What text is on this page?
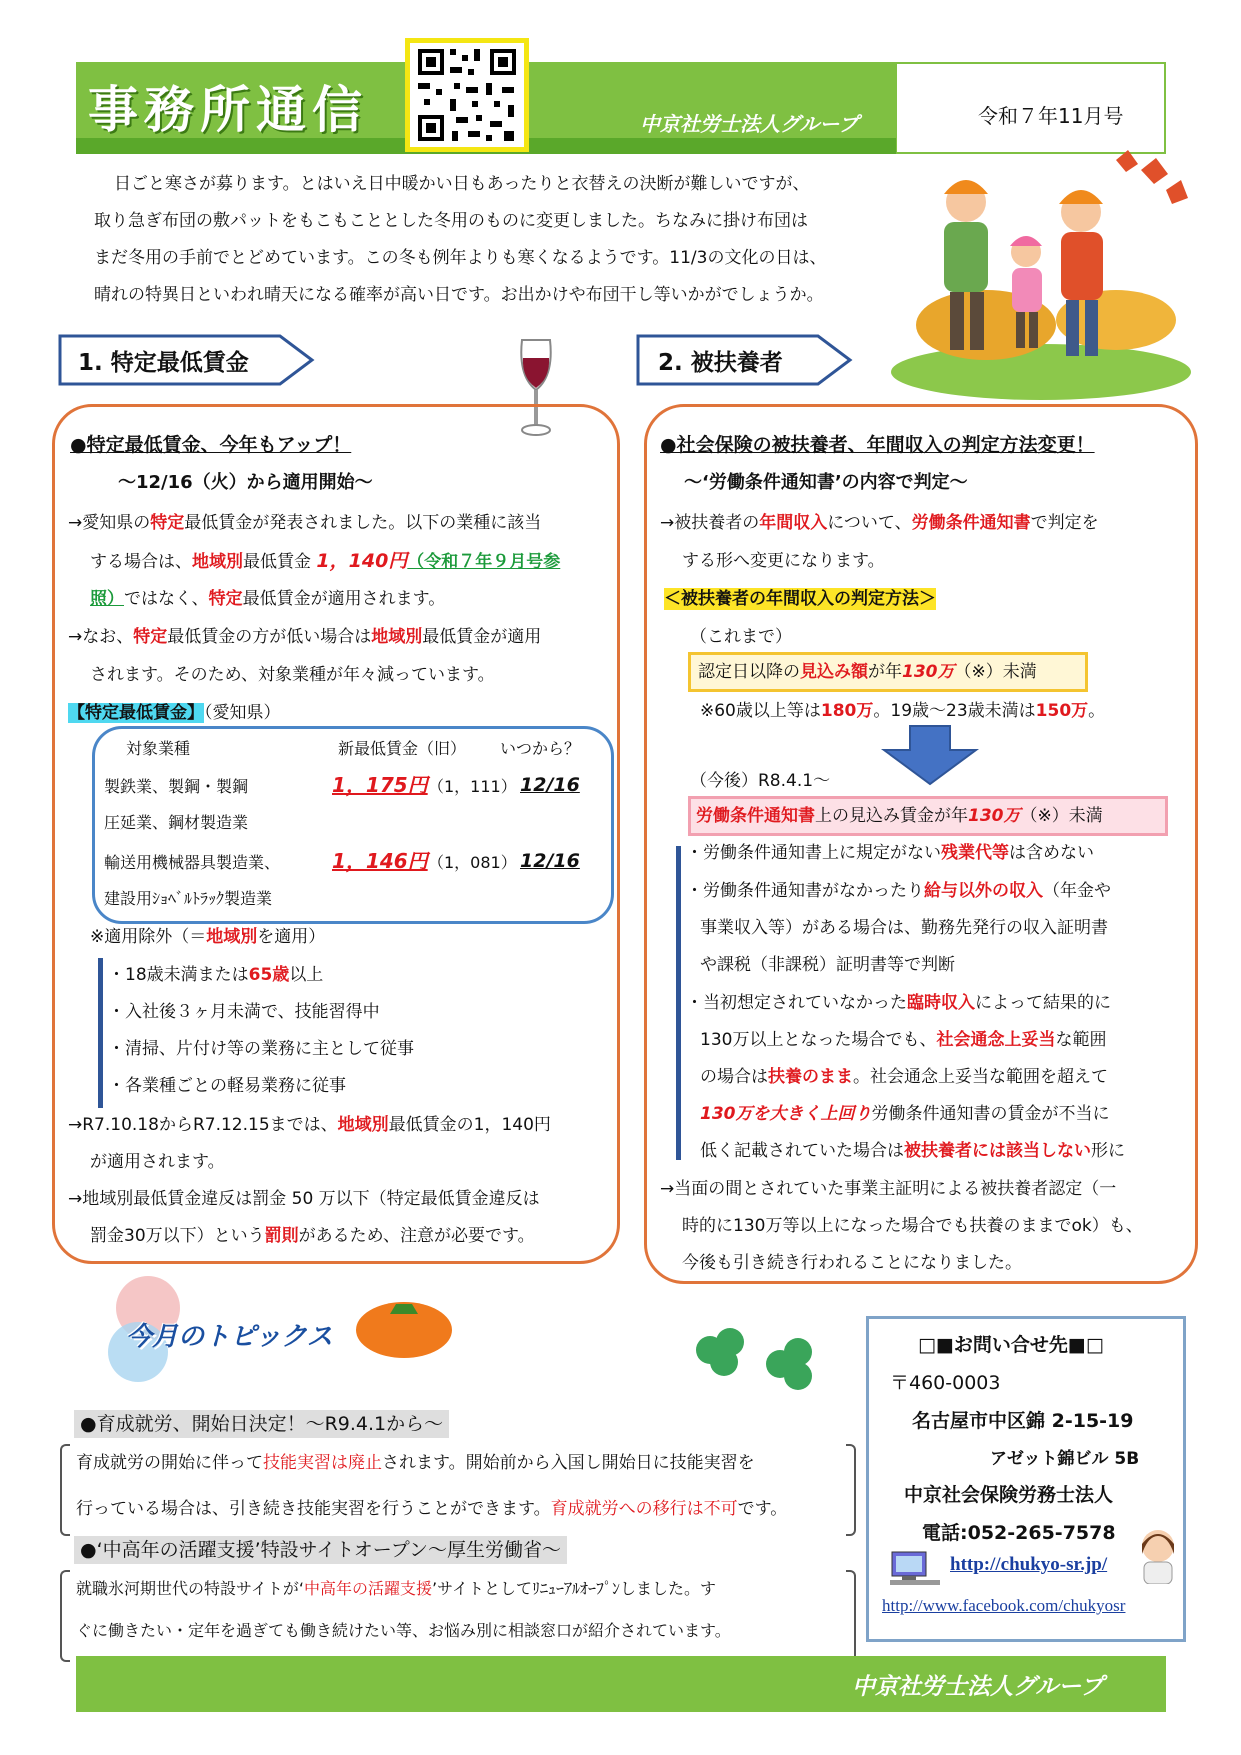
事務所通信	中京社労士法人グループ	令和７年11月号
日ごと寒さが募ります。とはいえ日中暖かい日もあったりと衣替えの決断が難しいですが、
取り急ぎ布団の敷パットをもこもこととした冬用のものに変更しました。ちなみに掛け布団は
まだ冬用の手前でとどめています。この冬も例年よりも寒くなるようです。11/3の文化の日は、
晴れの特異日といわれ晴天になる確率が高い日です。お出かけや布団干し等いかがでしょうか。
1. 特定最低賃金	2. 被扶養者
●特定最低賃金、今年もアップ！
～12/16（火）から適用開始～
→愛知県の特定最低賃金が発表されました。以下の業種に該当
する場合は、地域別最低賃金 1，140円（令和７年９月号参
照）ではなく、特定最低賃金が適用されます。
→なお、特定最低賃金の方が低い場合は地域別最低賃金が適用
されます。そのため、対象業種が年々減っています。
【特定最低賃金】（愛知県）
対象業種	新最低賃金（旧） いつから？
製鉄業、製鋼・製鋼	1，175円 （1，111） 12/16
圧延業、鋼材製造業
輸送用機械器具製造業、	1，146円 （1，081） 12/16
建設用ｼｮﾍﾞﾙﾄﾗｯｸ製造業
※適用除外（＝地域別を適用）
・18歳未満または65歳以上
・入社後３ヶ月未満で、技能習得中
・清掃、片付け等の業務に主として従事
・各業種ごとの軽易業務に従事
→R7.10.18からR7.12.15までは、地域別最低賃金の1，140円
が適用されます。
→地域別最低賃金違反は罰金 50 万以下（特定最低賃金違反は
罰金30万以下）という罰則があるため、注意が必要です。
●社会保険の被扶養者、年間収入の判定方法変更！
～‘労働条件通知書’の内容で判定～
→被扶養者の年間収入について、労働条件通知書で判定を
する形へ変更になります。
＜被扶養者の年間収入の判定方法＞
（これまで）
認定日以降の見込み額が年130万（※）未満
※60歳以上等は180万。19歳～23歳未満は150万。
（今後）R8.4.1～
労働条件通知書上の見込み賃金が年130万（※）未満
・労働条件通知書上に規定がない残業代等は含めない
・労働条件通知書がなかったり給与以外の収入（年金や
事業収入等）がある場合は、勤務先発行の収入証明書
や課税（非課税）証明書等で判断
・当初想定されていなかった臨時収入によって結果的に
130万以上となった場合でも、社会通念上妥当な範囲
の場合は扶養のまま。社会通念上妥当な範囲を超えて
130万を大きく上回り労働条件通知書の賃金が不当に
低く記載されていた場合は被扶養者には該当しない形に
→当面の間とされていた事業主証明による被扶養者認定（一
時的に130万等以上になった場合でも扶養のままでok）も、
今後も引き続き行われることになりました。
今月のトピックス
●育成就労、開始日決定！～R9.4.1から～
育成就労の開始に伴って技能実習は廃止されます。開始前から入国し開始日に技能実習を
行っている場合は、引き続き技能実習を行うことができます。育成就労への移行は不可です。
●‘中高年の活躍支援’特設サイトオープン～厚生労働省～
就職氷河期世代の特設サイトが‘中高年の活躍支援’サイトとしてﾘﾆｭｰｱﾙｵｰﾌﾟﾝしました。す
ぐに働きたい・定年を過ぎても働き続けたい等、お悩み別に相談窓口が紹介されています。
□■お問い合せ先■□
〒460-0003
名古屋市中区錦 2-15-19
アゼット錦ビル 5B
中京社会保険労務士法人
電話:052-265-7578
http://chukyo-sr.jp/
http://www.facebook.com/chukyosr
中京社労士法人グループ
